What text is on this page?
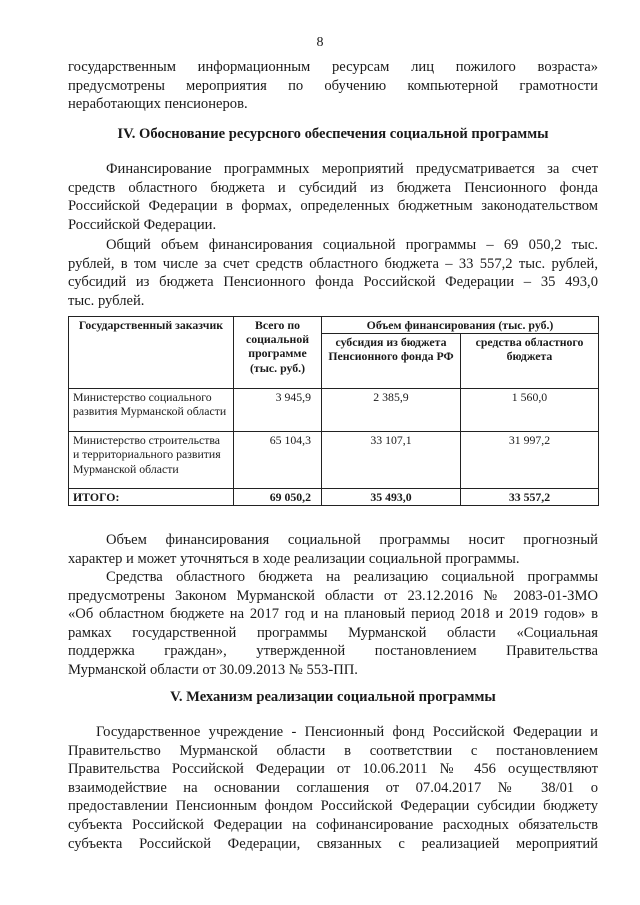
8
государственным информационным ресурсам лиц пожилого возраста»
предусмотрены мероприятия по обучению компьютерной грамотности
неработающих пенсионеров.
IV. Обоснование ресурсного обеспечения социальной программы
Финансирование программных мероприятий предусматривается за счет
средств областного бюджета и субсидий из бюджета Пенсионного фонда
Российской Федерации в формах, определенных бюджетным законодательством
Российской Федерации.
Общий объем финансирования социальной программы – 69 050,2 тыс.
рублей, в том числе за счет средств областного бюджета – 33 557,2 тыс. рублей,
субсидий из бюджета Пенсионного фонда Российской Федерации – 35 493,0
тыс. рублей.
Государственный заказчик	Всего по социальной программе (тыс. руб.)	Объем финансирования (тыс. руб.)	
		субсидия из бюджета Пенсионного фонда РФ	средства областного бюджета
Министерство социального развития Мурманской области	3 945,9	2 385,9	1 560,0
Министерство строительства и территориального развития Мурманской области	65 104,3	33 107,1	31 997,2
ИТОГО:	69 050,2	35 493,0	33 557,2
Объем финансирования социальной программы носит прогнозный
характер и может уточняться в ходе реализации социальной программы.
Средства областного бюджета на реализацию социальной программы
предусмотрены Законом Мурманской области от 23.12.2016 № 2083-01-ЗМО
«Об областном бюджете на 2017 год и на плановый период 2018 и 2019 годов» в
рамках государственной программы Мурманской области «Социальная
поддержка граждан», утвержденной постановлением Правительства
Мурманской области от 30.09.2013 № 553-ПП.
V. Механизм реализации социальной программы
Государственное учреждение - Пенсионный фонд Российской Федерации и
Правительство Мурманской области в соответствии с постановлением
Правительства Российской Федерации от 10.06.2011 № 456 осуществляют
взаимодействие на основании соглашения от 07.04.2017 № 38/01 о
предоставлении Пенсионным фондом Российской Федерации субсидии бюджету
субъекта Российской Федерации на софинансирование расходных обязательств
субъекта Российской Федерации, связанных с реализацией мероприятий
